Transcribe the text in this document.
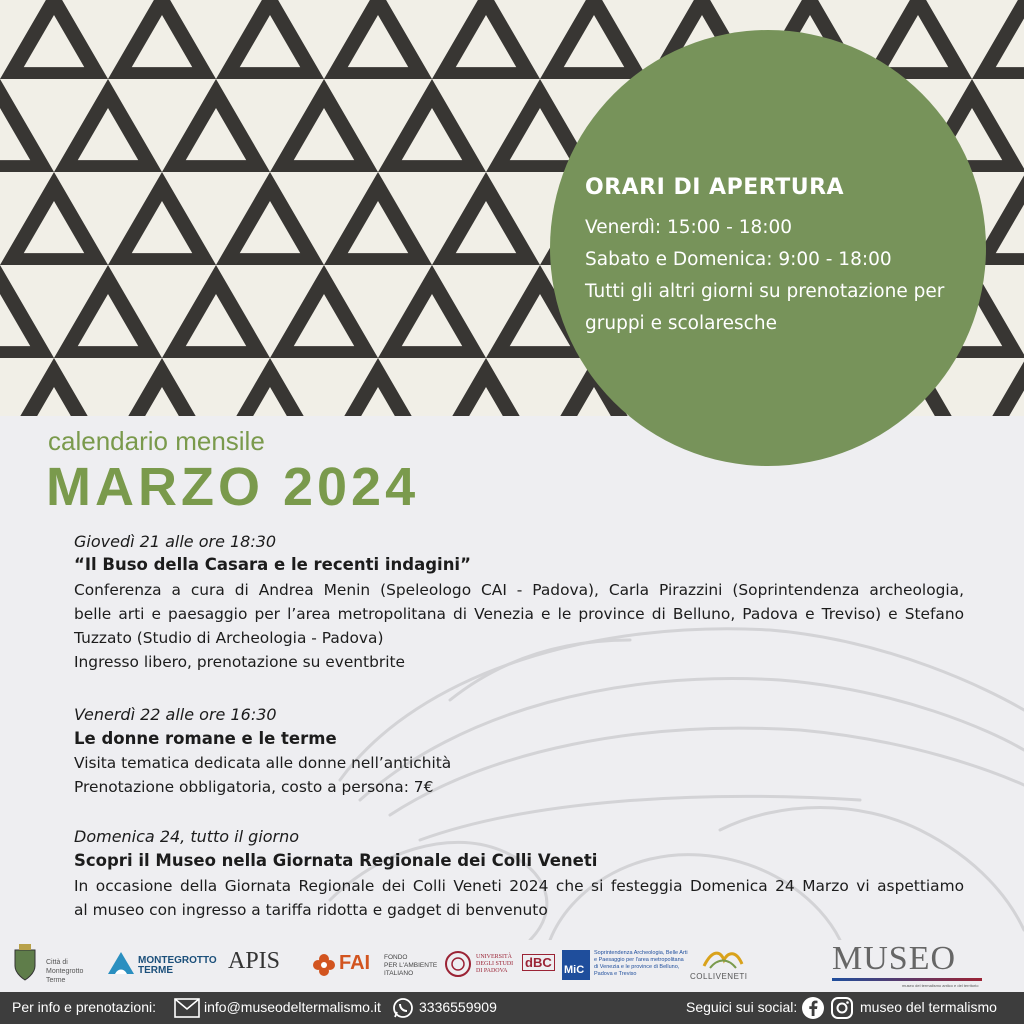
ORARI DI APERTURA
Venerdì: 15:00 - 18:00
Sabato e Domenica: 9:00 - 18:00
Tutti gli altri giorni su prenotazione per
gruppi e scolaresche
calendario mensile
MARZO 2024
Giovedì 21 alle ore 18:30
“Il Buso della Casara e le recenti indagini”
Conferenza a cura di Andrea Menin (Speleologo CAI - Padova), Carla Pirazzini (Soprintendenza archeologia,
belle arti e paesaggio per l’area metropolitana di Venezia e le province di Belluno, Padova e Treviso) e Stefano
Tuzzato (Studio di Archeologia - Padova)
Ingresso libero, prenotazione su eventbrite
Venerdì 22 alle ore 16:30
Le donne romane e le terme
Visita tematica dedicata alle donne nell’antichità
Prenotazione obbligatoria, costo a persona: 7€
Domenica 24, tutto il giorno
Scopri il Museo nella Giornata Regionale dei Colli Veneti
In occasione della Giornata Regionale dei Colli Veneti 2024 che si festeggia Domenica 24 Marzo vi aspettiamo
al museo con ingresso a tariffa ridotta e gadget di benvenuto
Città di Montegrotto Terme
MONTEGROTTO
TERME	APIS	FAI FONDO
PER L'AMBIENTE
ITALIANO
UNIVERSITÀ
DEGLI STUDI
DI PADOVA
dBC MiC
Soprintendenza Archeologia, Belle Arti
e Paesaggio per l'area metropolitana
di Venezia e le province di Belluno,
Padova e Treviso	COLLIVENETI MUSEO
museo del termalismo antico e del territorio
Per info e prenotazioni:	info@museodeltermalismo.it	3336559909	Seguici sui social:	museo del termalismo
